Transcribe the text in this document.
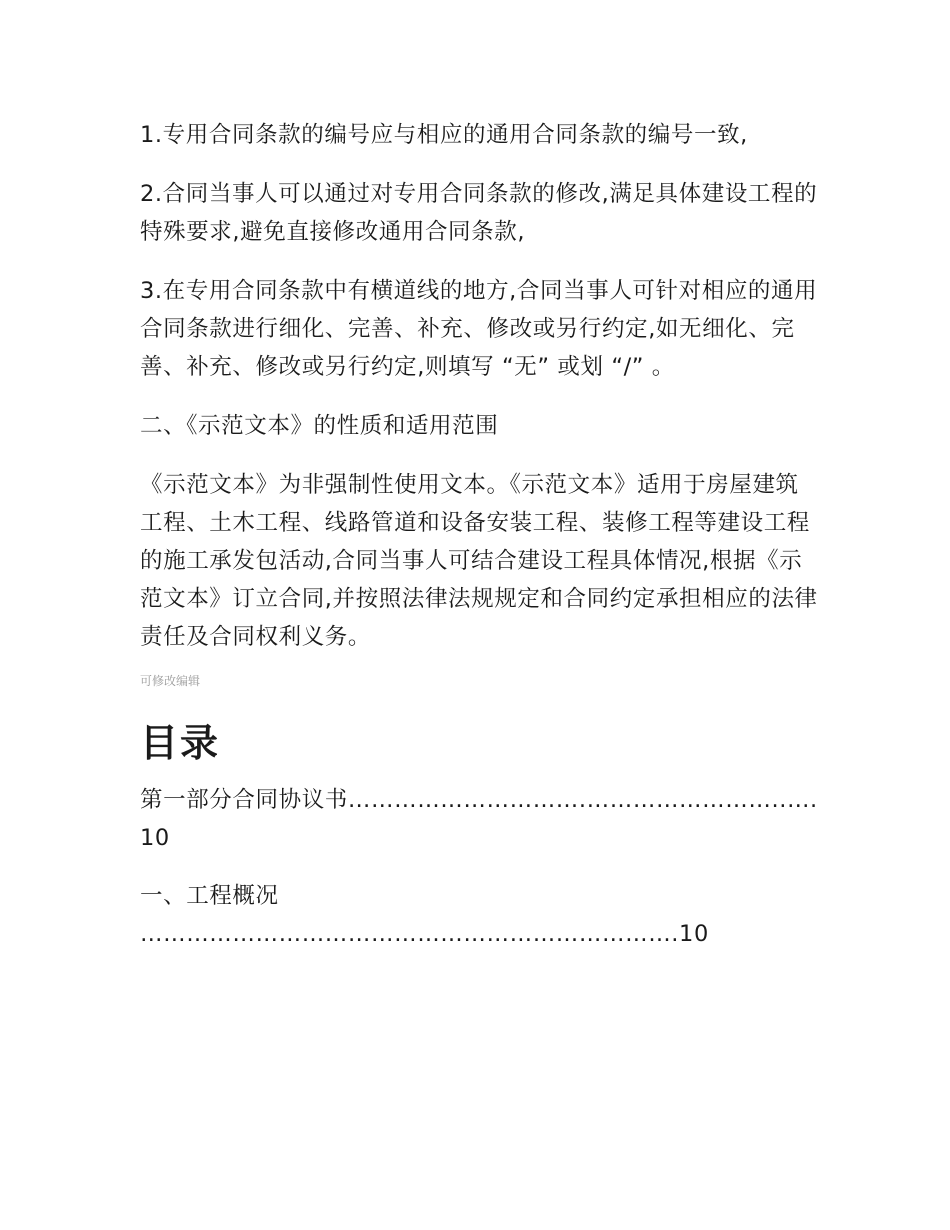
1.专用合同条款的编号应与相应的通用合同条款的编号一致,

2.合同当事人可以通过对专用合同条款的修改,满足具体建设工程的特殊要求,避免直接修改通用合同条款,

3.在专用合同条款中有横道线的地方,合同当事人可针对相应的通用合同条款进行细化、完善、补充、修改或另行约定,如无细化、完善、补充、修改或另行约定,则填写 “无” 或划 “/” 。

二、《示范文本》的性质和适用范围

《示范文本》为非强制性使用文本。《示范文本》适用于房屋建筑工程、土木工程、线路管道和设备安装工程、装修工程等建设工程的施工承发包活动,合同当事人可结合建设工程具体情况,根据《示范文本》订立合同,并按照法律法规规定和合同约定承担相应的法律责任及合同权利义务。

可修改编辑

目录

第一部分合同协议书………………………….……………………..….10

一、工程概况 …………………………………………………………….10
